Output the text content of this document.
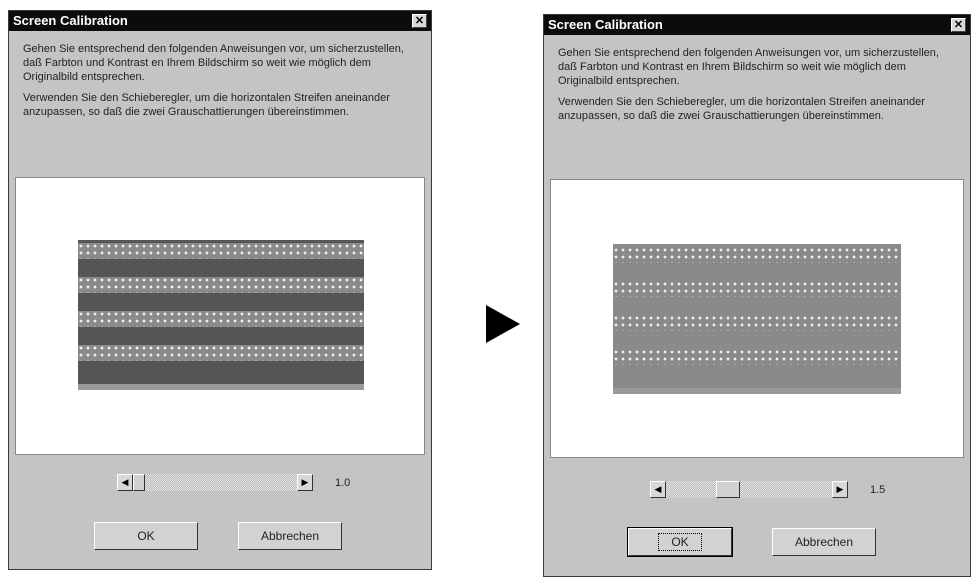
Screen Calibration	✕

Gehen Sie entsprechend den folgenden Anweisungen vor, um sicherzustellen, daß Farbton und Kontrast en Ihrem Bildschirm so weit wie möglich dem Originalbild entsprechen.

Verwenden Sie den Schieberegler, um die horizontalen Streifen aneinander anzupassen, so daß die zwei Grauschattierungen übereinstimmen.

◀	▶	1.0
OK	Abbrechen
Screen Calibration	✕

Gehen Sie entsprechend den folgenden Anweisungen vor, um sicherzustellen, daß Farbton und Kontrast en Ihrem Bildschirm so weit wie möglich dem Originalbild entsprechen.

Verwenden Sie den Schieberegler, um die horizontalen Streifen aneinander anzupassen, so daß die zwei Grauschattierungen übereinstimmen.

◀	▶	1.5
OK	Abbrechen
